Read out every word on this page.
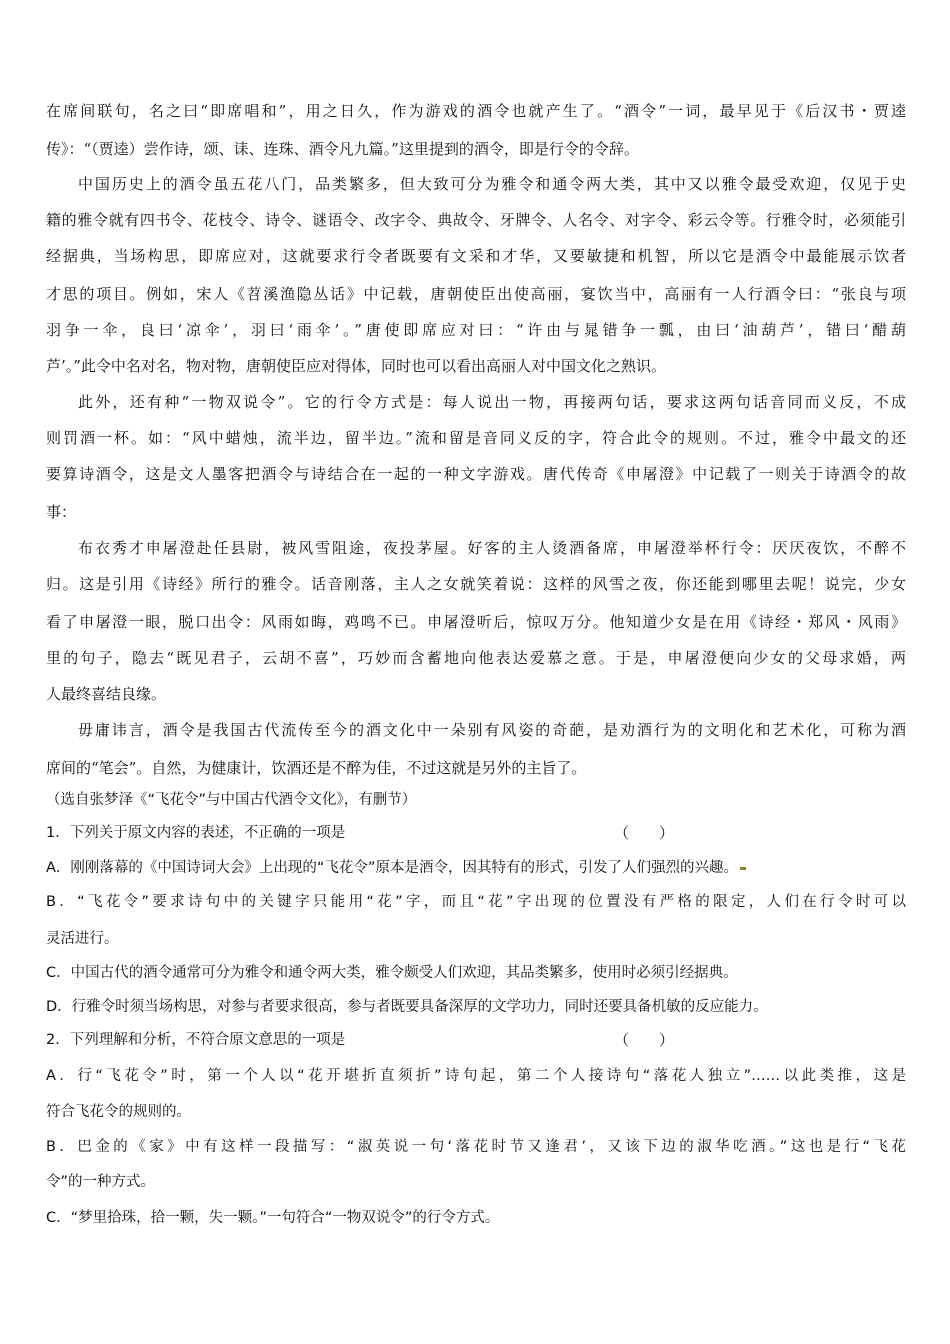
在席间联句，名之曰“即席唱和”，用之日久，作为游戏的酒令也就产生了。“酒令”一词，最早见于《后汉书・贾逵
传》：“（贾逵）尝作诗，颂、诔、连珠、酒令凡九篇。”这里提到的酒令，即是行令的令辞。
中国历史上的酒令虽五花八门，品类繁多，但大致可分为雅令和通令两大类，其中又以雅令最受欢迎，仅见于史
籍的雅令就有四书令、花枝令、诗令、谜语令、改字令、典故令、牙牌令、人名令、对字令、彩云令等。行雅令时，必须能引
经据典，当场构思，即席应对，这就要求行令者既要有文采和才华，又要敏捷和机智，所以它是酒令中最能展示饮者
才思的项目。例如，宋人《苕溪渔隐丛话》中记载，唐朝使臣出使高丽，宴饮当中，高丽有一人行酒令曰：“张良与项
羽争一伞，良曰‘凉伞’，羽曰‘雨伞’。”唐使即席应对曰：“许由与晁错争一瓢，由曰‘油葫芦’，错曰‘醋葫
芦’。”此令中名对名，物对物，唐朝使臣应对得体，同时也可以看出高丽人对中国文化之熟识。
此外，还有种“一物双说令”。它的行令方式是：每人说出一物，再接两句话，要求这两句话音同而义反，不成
则罚酒一杯。如：“风中蜡烛，流半边，留半边。”流和留是音同义反的字，符合此令的规则。不过，雅令中最文的还
要算诗酒令，这是文人墨客把酒令与诗结合在一起的一种文字游戏。唐代传奇《申屠澄》中记载了一则关于诗酒令的故
事：
布衣秀才申屠澄赴任县尉，被风雪阻途，夜投茅屋。好客的主人烫酒备席，申屠澄举杯行令：厌厌夜饮，不醉不
归。这是引用《诗经》所行的雅令。话音刚落，主人之女就笑着说：这样的风雪之夜，你还能到哪里去呢！说完，少女
看了申屠澄一眼，脱口出令：风雨如晦，鸡鸣不已。申屠澄听后，惊叹万分。他知道少女是在用《诗经・郑风・风雨》
里的句子，隐去“既见君子，云胡不喜”，巧妙而含蓄地向他表达爱慕之意。于是，申屠澄便向少女的父母求婚，两
人最终喜结良缘。
毋庸讳言，酒令是我国古代流传至今的酒文化中一朵别有风姿的奇葩，是劝酒行为的文明化和艺术化，可称为酒
席间的“笔会”。自然，为健康计，饮酒还是不醉为佳，不过这就是另外的主旨了。
（选自张梦泽《“飞花令”与中国古代酒令文化》，有删节）
1．下列关于原文内容的表述，不正确的一项是	（　　）
A．刚刚落幕的《中国诗词大会》上出现的“飞花令”原本是酒令，因其特有的形式，引发了人们强烈的兴趣。
B．“飞花令”要求诗句中的关键字只能用“花”字，而且“花”字出现的位置没有严格的限定，人们在行令时可以
灵活进行。
C．中国古代的酒令通常可分为雅令和通令两大类，雅令颇受人们欢迎，其品类繁多，使用时必须引经据典。
D．行雅令时须当场构思，对参与者要求很高，参与者既要具备深厚的文学功力，同时还要具备机敏的反应能力。
2．下列理解和分析，不符合原文意思的一项是	（　　）
A．行“飞花令”时，第一个人以“花开堪折直须折”诗句起，第二个人接诗句“落花人独立”……以此类推，这是
符合飞花令的规则的。
B．巴金的《家》中有这样一段描写：“淑英说一句‘落花时节又逢君’，又该下边的淑华吃酒。”这也是行“飞花
令”的一种方式。
C．“梦里拾珠，拾一颗，失一颗。”一句符合“一物双说令”的行令方式。
